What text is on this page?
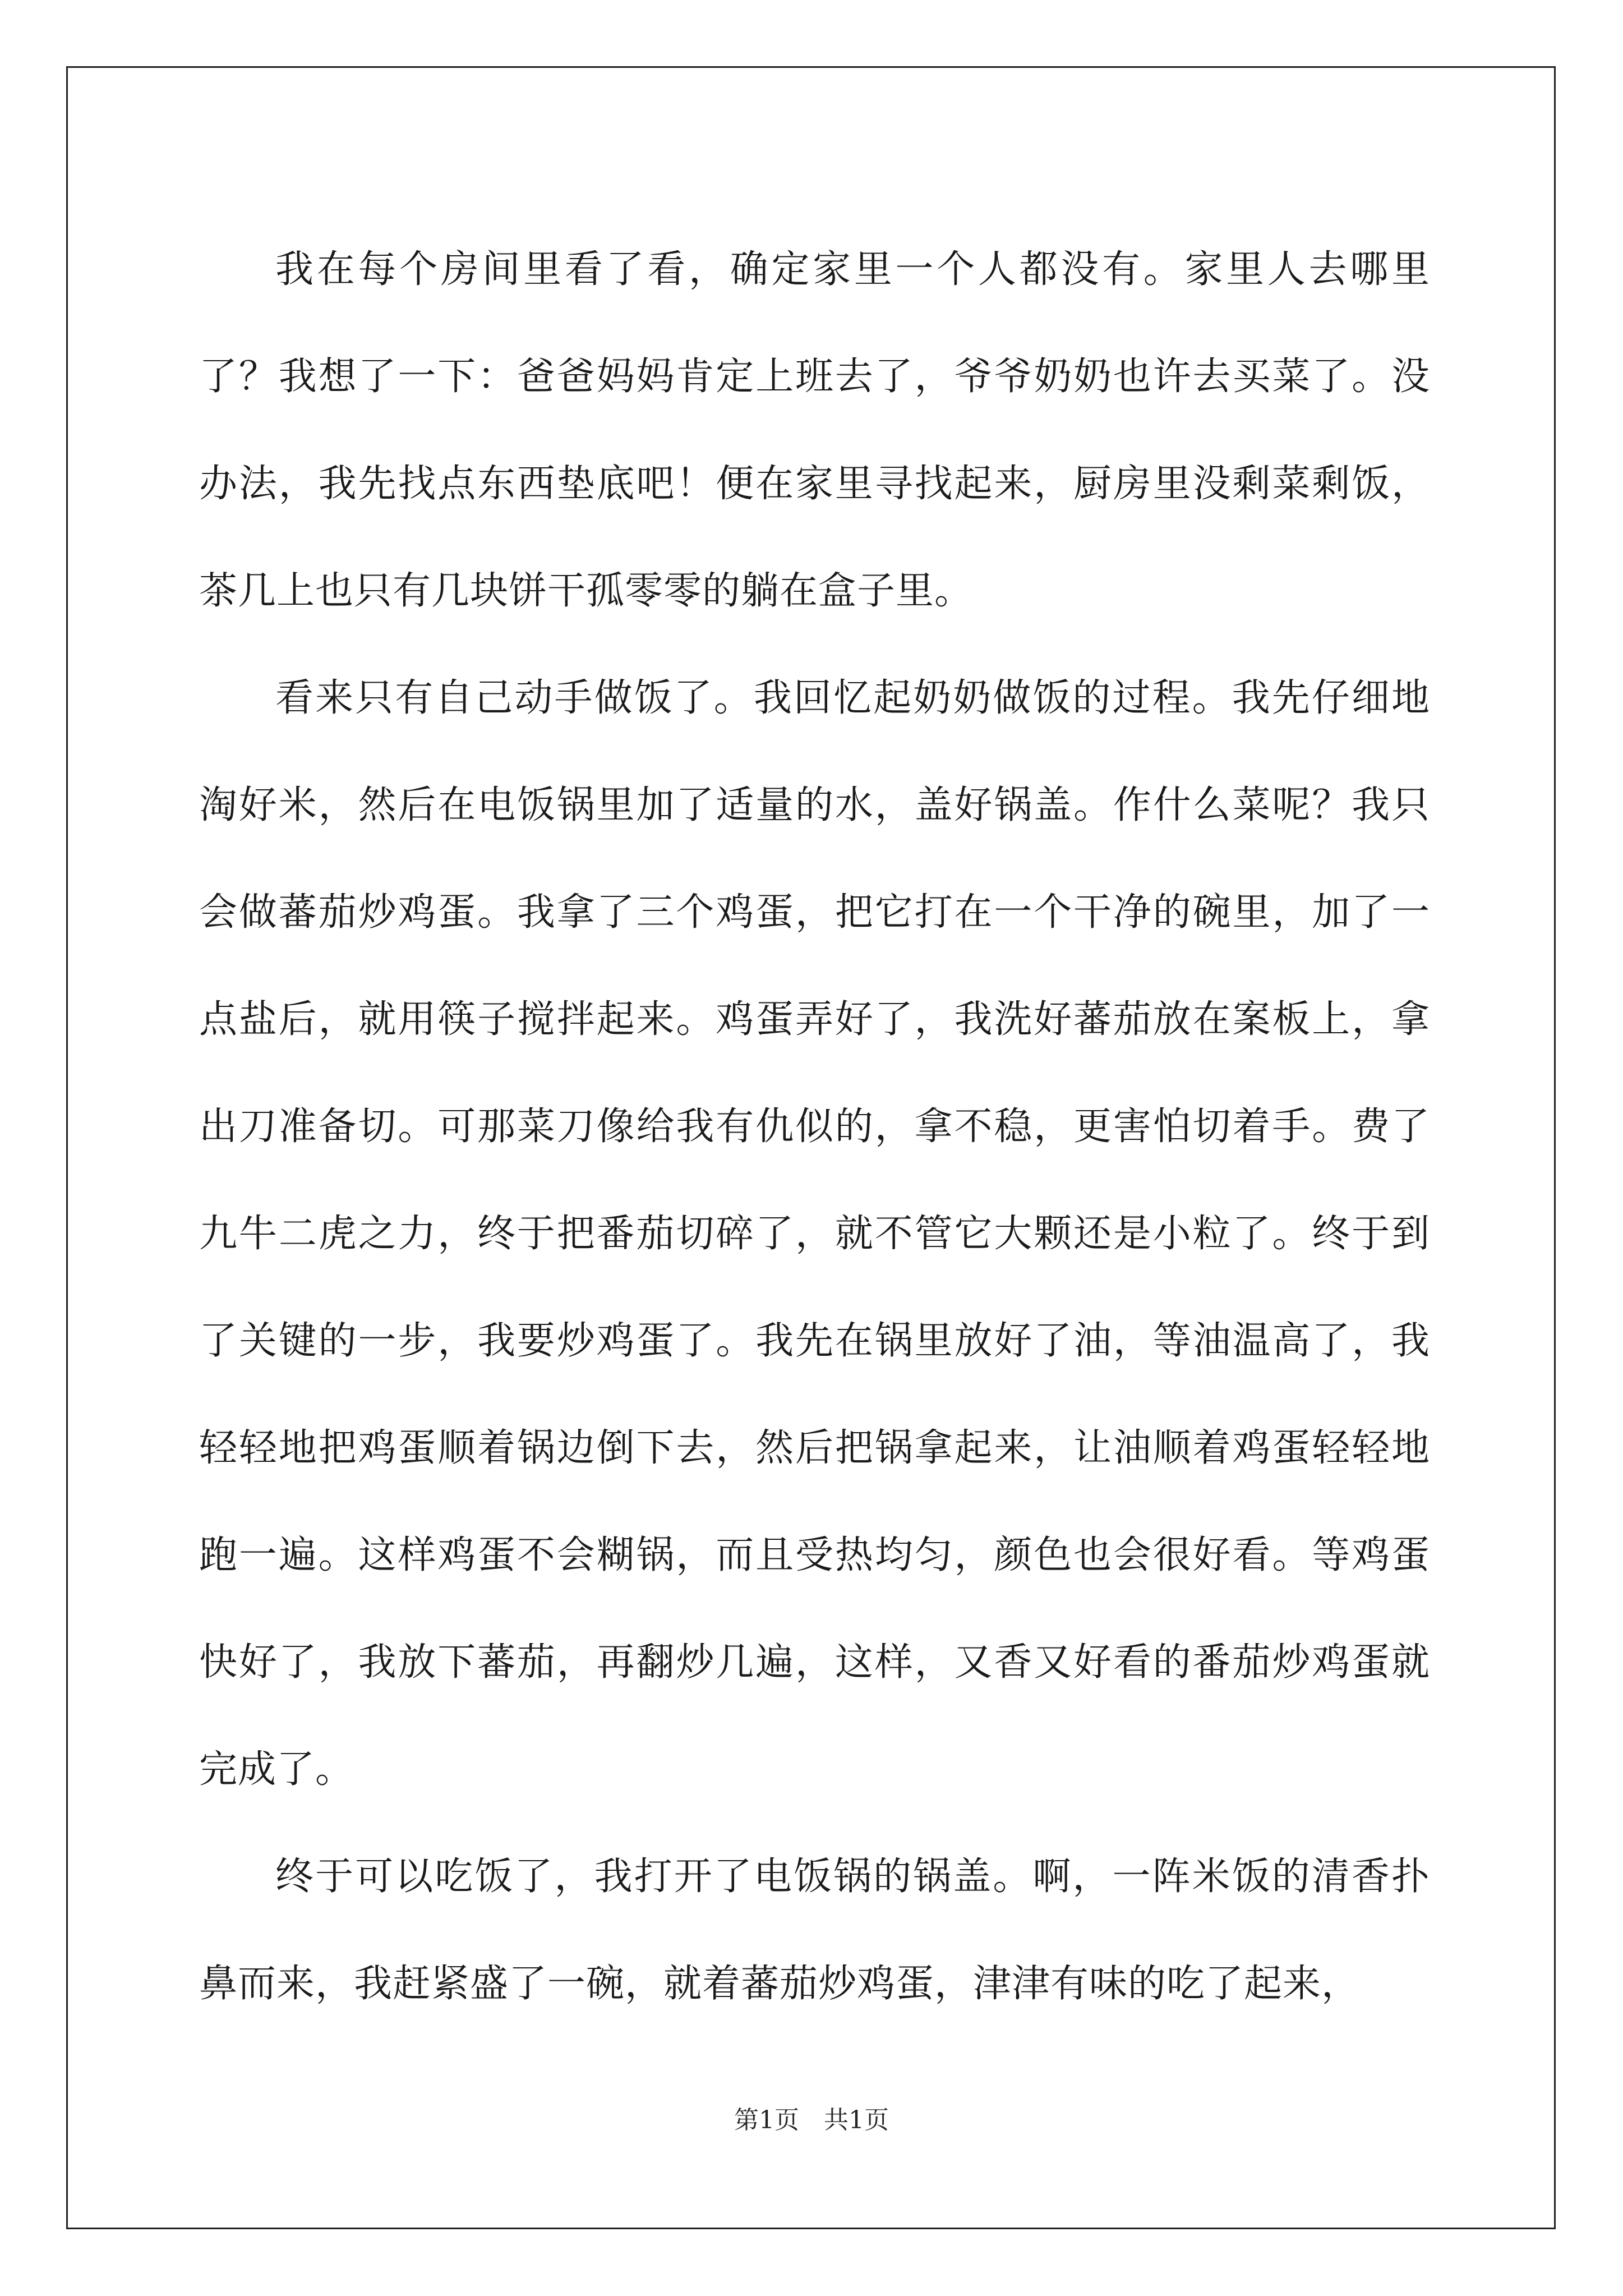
我在每个房间里看了看，确定家里一个人都没有。家里人去哪里了？我想了一下：爸爸妈妈肯定上班去了，爷爷奶奶也许去买菜了。没办法，我先找点东西垫底吧！便在家里寻找起来，厨房里没剩菜剩饭，茶几上也只有几块饼干孤零零的躺在盒子里。

看来只有自己动手做饭了。我回忆起奶奶做饭的过程。我先仔细地淘好米，然后在电饭锅里加了适量的水，盖好锅盖。作什么菜呢？我只会做蕃茄炒鸡蛋。我拿了三个鸡蛋，把它打在一个干净的碗里，加了一点盐后，就用筷子搅拌起来。鸡蛋弄好了，我洗好蕃茄放在案板上，拿出刀准备切。可那菜刀像给我有仇似的，拿不稳，更害怕切着手。费了九牛二虎之力，终于把番茄切碎了，就不管它大颗还是小粒了。终于到了关键的一步，我要炒鸡蛋了。我先在锅里放好了油，等油温高了，我轻轻地把鸡蛋顺着锅边倒下去，然后把锅拿起来，让油顺着鸡蛋轻轻地跑一遍。这样鸡蛋不会糊锅，而且受热均匀，颜色也会很好看。等鸡蛋快好了，我放下蕃茄，再翻炒几遍，这样，又香又好看的番茄炒鸡蛋就完成了。

终于可以吃饭了，我打开了电饭锅的锅盖。啊，一阵米饭的清香扑鼻而来，我赶紧盛了一碗，就着蕃茄炒鸡蛋，津津有味的吃了起来，

第1页 共1页
